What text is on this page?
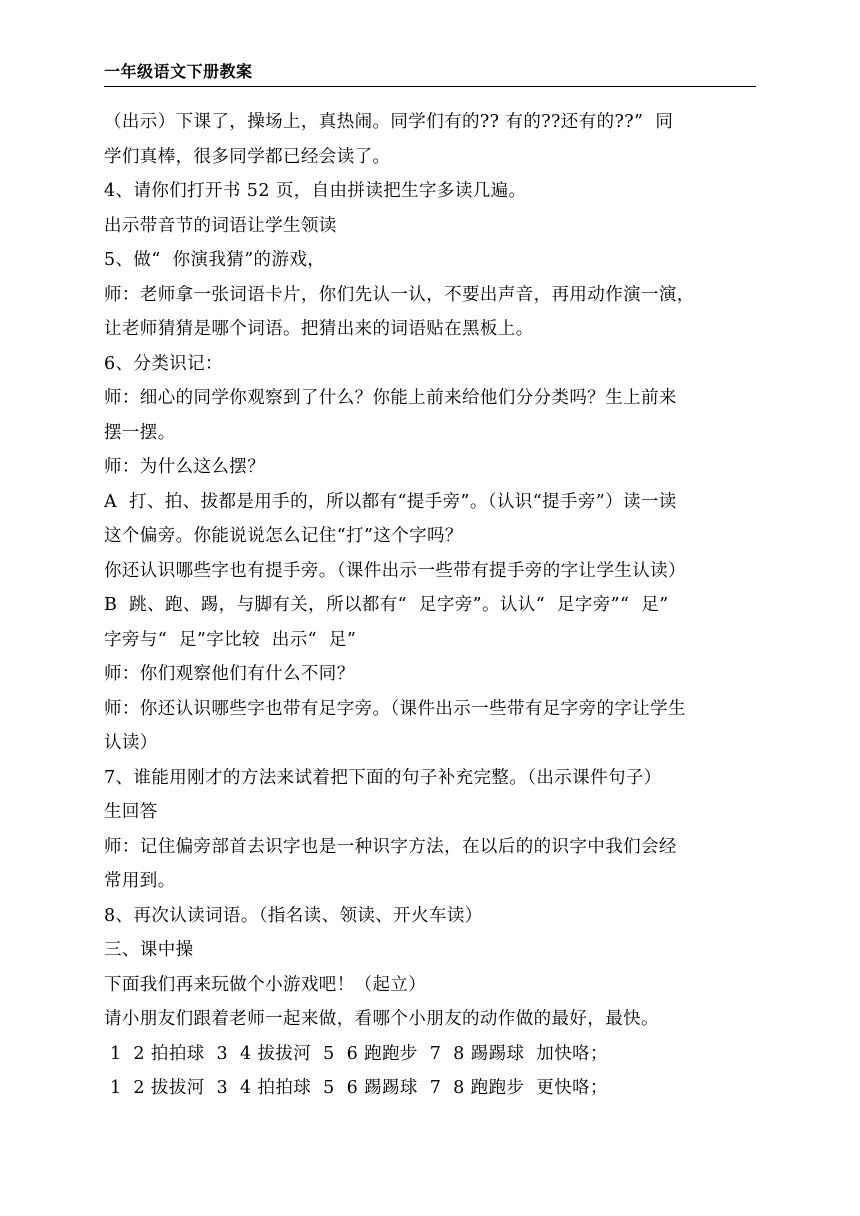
一年级语文下册教案
（出示）下课了，操场上，真热闹。同学们有的?? 有的??还有的??”  同
学们真棒，很多同学都已经会读了。
4、请你们打开书 52 页，自由拼读把生字多读几遍。
出示带音节的词语让学生领读
5、做“  你演我猜”的游戏，
师：老师拿一张词语卡片，你们先认一认，不要出声音，再用动作演一演，
让老师猜猜是哪个词语。把猜出来的词语贴在黑板上。
6、分类识记：
师：细心的同学你观察到了什么？你能上前来给他们分分类吗？生上前来
摆一摆。
师：为什么这么摆？
A  打、拍、拔都是用手的，所以都有“提手旁”。（认识“提手旁”）读一读
这个偏旁。你能说说怎么记住“打”这个字吗？
你还认识哪些字也有提手旁。（课件出示一些带有提手旁的字让学生认读）
B  跳、跑、踢，与脚有关，所以都有“  足字旁”。认认“  足字旁”“  足”
字旁与“  足”字比较  出示“  足”
师：你们观察他们有什么不同？
师：你还认识哪些字也带有足字旁。（课件出示一些带有足字旁的字让学生
认读）
7、谁能用刚才的方法来试着把下面的句子补充完整。（出示课件句子）
生回答
师：记住偏旁部首去识字也是一种识字方法，在以后的的识字中我们会经
常用到。
8、再次认读词语。（指名读、领读、开火车读）
三、课中操
下面我们再来玩做个小游戏吧！（起立）
请小朋友们跟着老师一起来做，看哪个小朋友的动作做的最好，最快。
1  2 拍拍球  3  4 拔拔河  5  6 跑跑步  7  8 踢踢球  加快咯；
1  2 拔拔河  3  4 拍拍球  5  6 踢踢球  7  8 跑跑步  更快咯；
